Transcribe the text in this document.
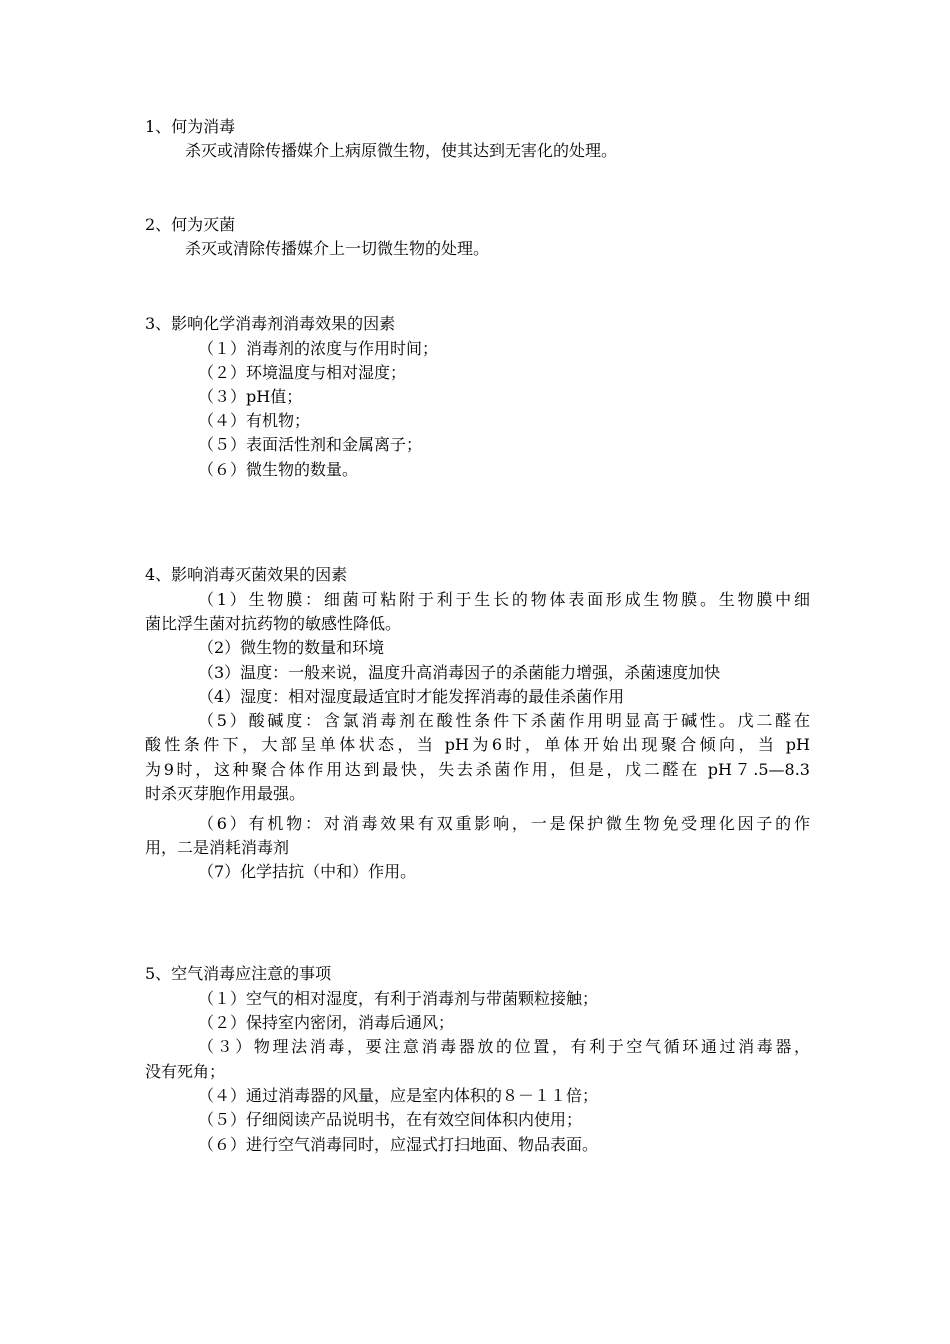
1、何为消毒
杀灭或清除传播媒介上病原微生物，使其达到无害化的处理。
2、何为灭菌
杀灭或清除传播媒介上一切微生物的处理。
3、影响化学消毒剂消毒效果的因素
（１）消毒剂的浓度与作用时间；
（２）环境温度与相对湿度；
（３）pH值；
（４）有机物；
（５）表面活性剂和金属离子；
（６）微生物的数量。
4、影响消毒灭菌效果的因素
（1）生物膜：细菌可粘附于利于生长的物体表面形成生物膜。生物膜中细
菌比浮生菌对抗药物的敏感性降低。
（2）微生物的数量和环境
（3）温度：一般来说，温度升高消毒因子的杀菌能力增强，杀菌速度加快
（4）湿度：相对湿度最适宜时才能发挥消毒的最佳杀菌作用
（5）酸碱度：含氯消毒剂在酸性条件下杀菌作用明显高于碱性。戊二醛在
酸性条件下，大部呈单体状态，当 pH为6时，单体开始出现聚合倾向，当 pH
为9时，这种聚合体作用达到最快，失去杀菌作用，但是，戊二醛在 pH７.5—8.3
时杀灭芽胞作用最强。
（6）有机物：对消毒效果有双重影响，一是保护微生物免受理化因子的作
用，二是消耗消毒剂
（7）化学拮抗（中和）作用。
5、空气消毒应注意的事项
（１）空气的相对湿度，有利于消毒剂与带菌颗粒接触；
（２）保持室内密闭，消毒后通风；
（３）物理法消毒，要注意消毒器放的位置，有利于空气循环通过消毒器，
没有死角；
（４）通过消毒器的风量，应是室内体积的８－１１倍；
（５）仔细阅读产品说明书，在有效空间体积内使用；
（６）进行空气消毒同时，应湿式打扫地面、物品表面。
